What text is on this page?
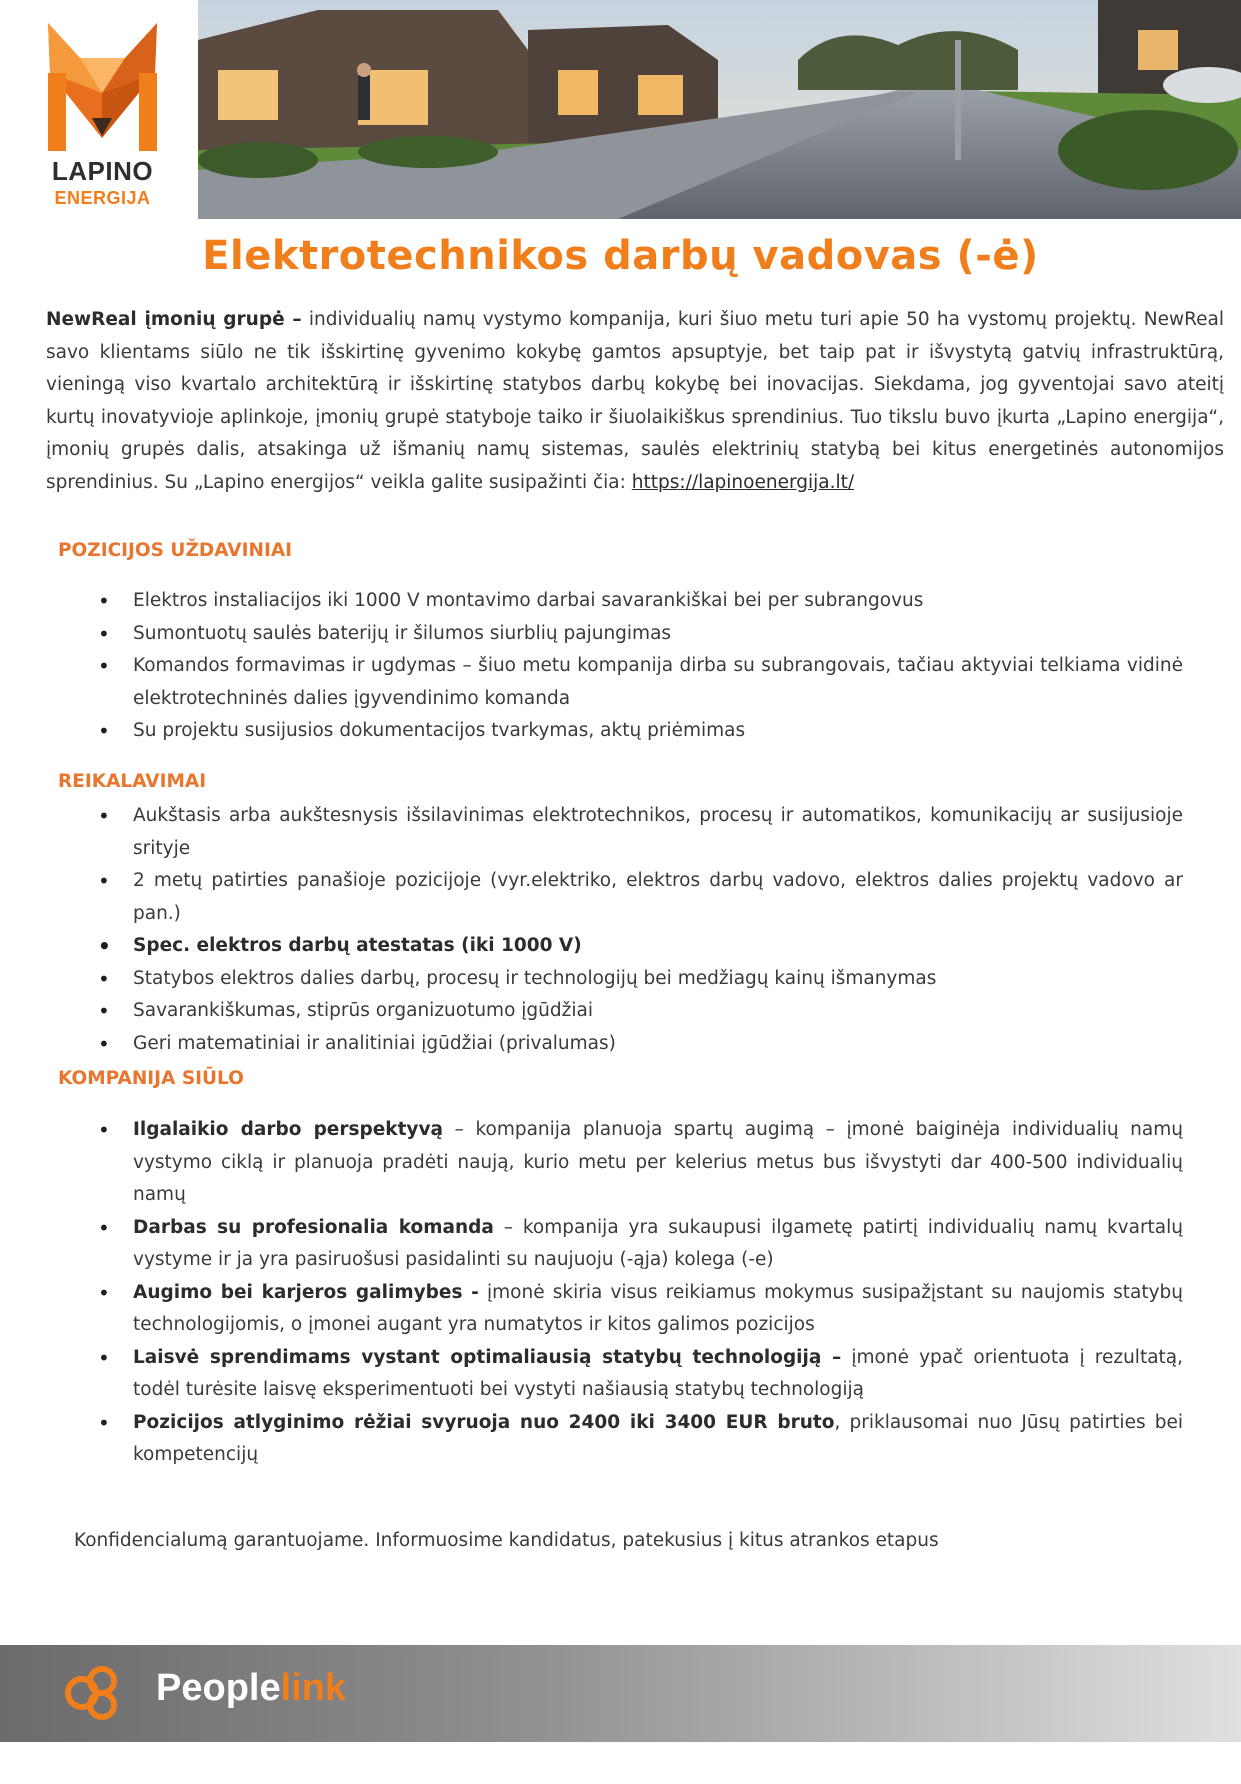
LAPINO
ENERGIJA
Elektrotechnikos darbų vadovas (-ė)

NewReal įmonių grupė – individualių namų vystymo kompanija, kuri šiuo metu turi apie 50 ha vystomų projektų. NewReal savo klientams siūlo ne tik išskirtinę gyvenimo kokybę gamtos apsuptyje, bet taip pat ir išvystytą gatvių infrastruktūrą, vieningą viso kvartalo architektūrą ir išskirtinę statybos darbų kokybę bei inovacijas. Siekdama, jog gyventojai savo ateitį kurtų inovatyvioje aplinkoje, įmonių grupė statyboje taiko ir šiuolaikiškus sprendinius. Tuo tikslu buvo įkurta „Lapino energija“, įmonių grupės dalis, atsakinga už išmanių namų sistemas, saulės elektrinių statybą bei kitus energetinės autonomijos sprendinius. Su „Lapino energijos“ veikla galite susipažinti čia: https://lapinoenergija.lt/

POZICIJOS UŽDAVINIAI
• Elektros instaliacijos iki 1000 V montavimo darbai savarankiškai bei per subrangovus
• Sumontuotų saulės baterijų ir šilumos siurblių pajungimas
• Komandos formavimas ir ugdymas – šiuo metu kompanija dirba su subrangovais, tačiau aktyviai telkiama vidinė elektrotechninės dalies įgyvendinimo komanda
• Su projektu susijusios dokumentacijos tvarkymas, aktų priėmimas
REIKALAVIMAI
• Aukštasis arba aukštesnysis išsilavinimas elektrotechnikos, procesų ir automatikos, komunikacijų ar susijusioje srityje
• 2 metų patirties panašioje pozicijoje (vyr.elektriko, elektros darbų vadovo, elektros dalies projektų vadovo ar pan.)
• Spec. elektros darbų atestatas (iki 1000 V)
• Statybos elektros dalies darbų, procesų ir technologijų bei medžiagų kainų išmanymas
• Savarankiškumas, stiprūs organizuotumo įgūdžiai
• Geri matematiniai ir analitiniai įgūdžiai (privalumas)
KOMPANIJA SIŪLO
• Ilgalaikio darbo perspektyvą – kompanija planuoja spartų augimą – įmonė baiginėja individualių namų vystymo ciklą ir planuoja pradėti naują, kurio metu per kelerius metus bus išvystyti dar 400-500 individualių namų
• Darbas su profesionalia komanda – kompanija yra sukaupusi ilgametę patirtį individualių namų kvartalų vystyme ir ja yra pasiruošusi pasidalinti su naujuoju (-ąja) kolega (-e)
• Augimo bei karjeros galimybes - įmonė skiria visus reikiamus mokymus susipažįstant su naujomis statybų technologijomis, o įmonei augant yra numatytos ir kitos galimos pozicijos
• Laisvė sprendimams vystant optimaliausią statybų technologiją – įmonė ypač orientuota į rezultatą, todėl turėsite laisvę eksperimentuoti bei vystyti našiausią statybų technologiją
• Pozicijos atlyginimo rėžiai svyruoja nuo 2400 iki 3400 EUR bruto, priklausomai nuo Jūsų patirties bei kompetencijų

Konfidencialumą garantuojame. Informuosime kandidatus, patekusius į kitus atrankos etapus

Peoplelink
